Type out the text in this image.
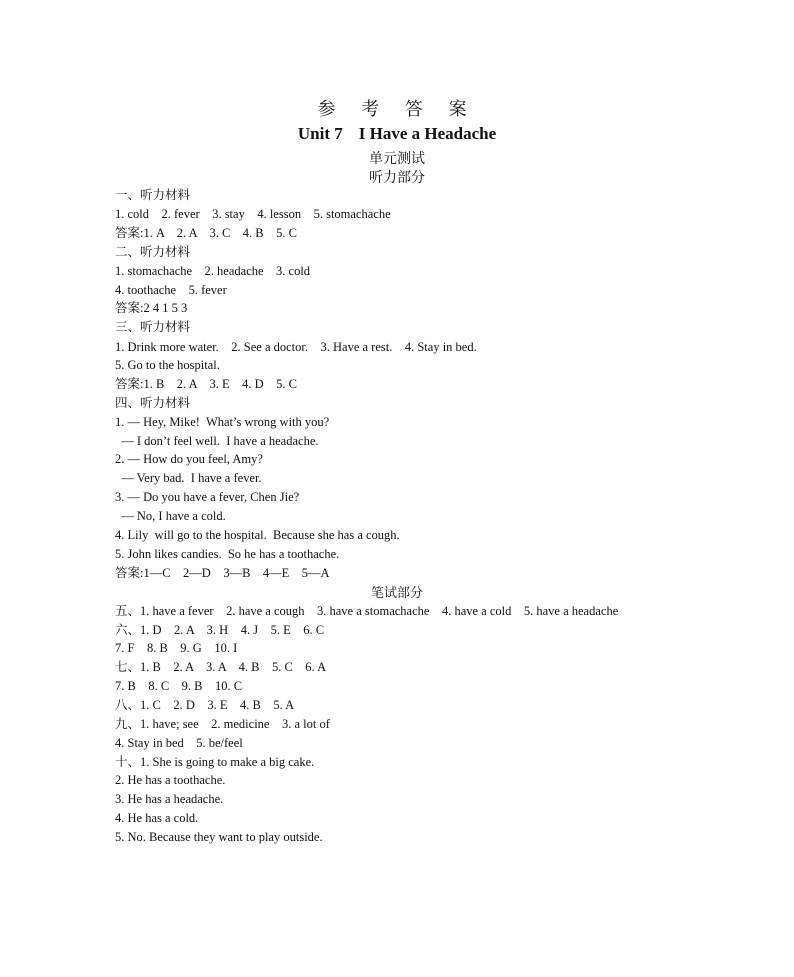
参 考 答 案
Unit 7 I Have a Headache
单元测试
听力部分
一、听力材料
1. cold    2. fever    3. stay    4. lesson    5. stomachache
答案:1. A    2. A    3. C    4. B    5. C
二、听力材料
1. stomachache    2. headache    3. cold
4. toothache    5. fever
答案:2 4 1 5 3
三、听力材料
1. Drink more water.    2. See a doctor.    3. Have a rest.    4. Stay in bed.
5. Go to the hospital.
答案:1. B    2. A    3. E    4. D    5. C
四、听力材料
1. — Hey, Mike!  What’s wrong with you?
— I don’t feel well.  I have a headache.
2. — How do you feel, Amy?
— Very bad.  I have a fever.
3. — Do you have a fever, Chen Jie?
— No, I have a cold.
4. Lily  will go to the hospital.  Because she has a cough.
5. John likes candies.  So he has a toothache.
答案:1—C    2—D    3—B    4—E    5—A
笔试部分
五、1. have a fever    2. have a cough    3. have a stomachache    4. have a cold    5. have a headache
六、1. D    2. A    3. H    4. J    5. E    6. C
7. F    8. B    9. G    10. I
七、1. B    2. A    3. A    4. B    5. C    6. A
7. B    8. C    9. B    10. C
八、1. C    2. D    3. E    4. B    5. A
九、1. have; see    2. medicine    3. a lot of
4. Stay in bed    5. be/feel
十、1. She is going to make a big cake.
2. He has a toothache.
3. He has a headache.
4. He has a cold.
5. No. Because they want to play outside.
